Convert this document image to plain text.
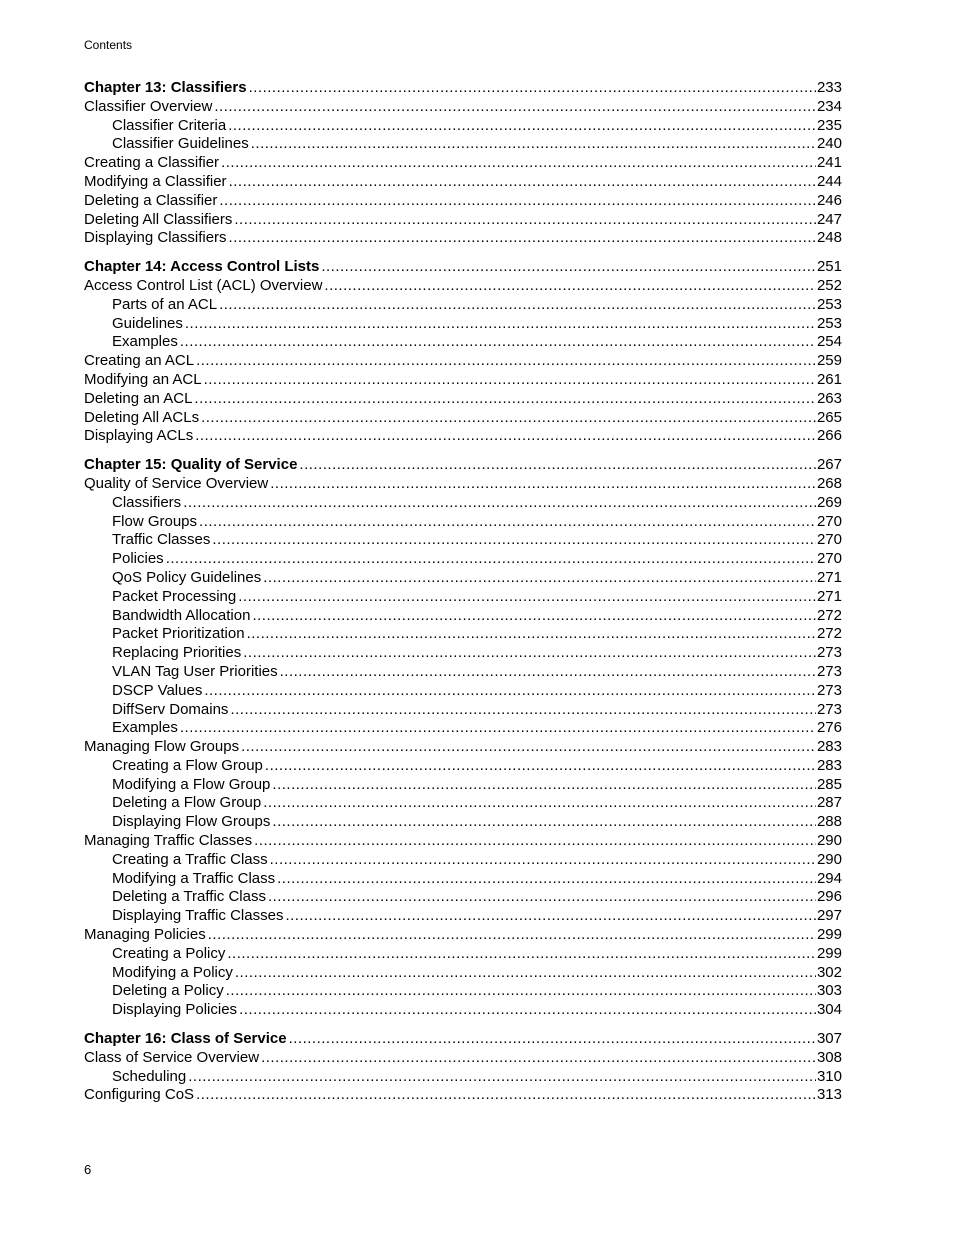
Contents
Chapter 13: Classifiers .....	233
Classifier Overview .....	234
Classifier Criteria .....	235
Classifier Guidelines .....	240
Creating a Classifier .....	241
Modifying a Classifier .....	244
Deleting a Classifier .....	246
Deleting All Classifiers .....	247
Displaying Classifiers .....	248
Chapter 14: Access Control Lists .....	251
Access Control List (ACL) Overview .....	252
Parts of an ACL .....	253
Guidelines .....	253
Examples .....	254
Creating an ACL .....	259
Modifying an ACL .....	261
Deleting an ACL .....	263
Deleting All ACLs .....	265
Displaying ACLs .....	266
Chapter 15: Quality of Service .....	267
Quality of Service Overview .....	268
Classifiers .....	269
Flow Groups .....	270
Traffic Classes .....	270
Policies .....	270
QoS Policy Guidelines .....	271
Packet Processing .....	271
Bandwidth Allocation .....	272
Packet Prioritization .....	272
Replacing Priorities .....	273
VLAN Tag User Priorities .....	273
DSCP Values .....	273
DiffServ Domains .....	273
Examples .....	276
Managing Flow Groups .....	283
Creating a Flow Group .....	283
Modifying a Flow Group .....	285
Deleting a Flow Group .....	287
Displaying Flow Groups .....	288
Managing Traffic Classes .....	290
Creating a Traffic Class .....	290
Modifying a Traffic Class .....	294
Deleting a Traffic Class .....	296
Displaying Traffic Classes .....	297
Managing Policies .....	299
Creating a Policy .....	299
Modifying a Policy .....	302
Deleting a Policy .....	303
Displaying Policies .....	304
Chapter 16: Class of Service .....	307
Class of Service Overview .....	308
Scheduling .....	310
Configuring CoS .....	313
6
